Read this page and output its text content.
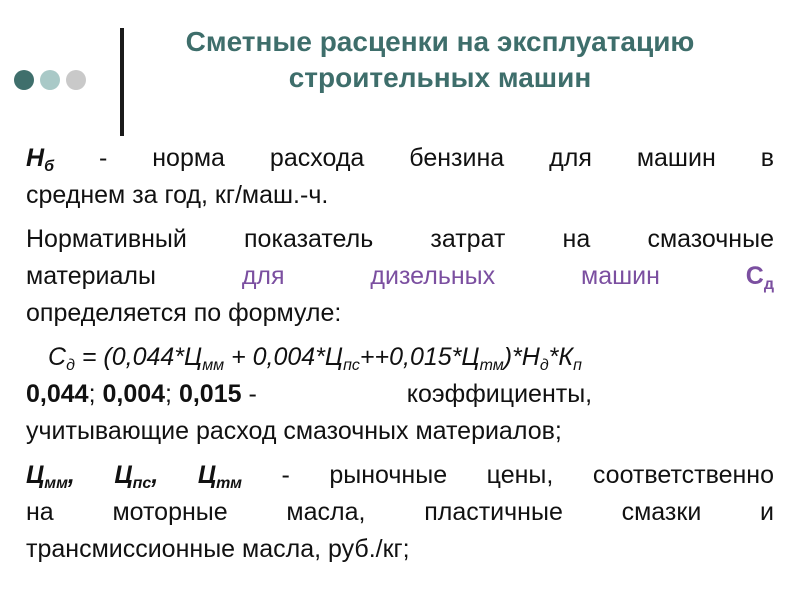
Сметные расценки на эксплуатацию строительных машин

$Н_б$ - норма расхода бензина для машин в

среднем за год, кг/маш.-ч.

Нормативный показатель затрат на смазочные

материалы	для	дизельных	машин	$С_д$

определяется по формуле:

$С_д = (0,044*Ц_{мм} + 0,004*Ц_{пс}++0,015*Ц_{тм})*Н_д*К_п$

0,044; 0,004; 0,015 -	коэффициенты,

учитывающие расход смазочных материалов;

$Ц_{мм}$, $Ц_{пс}$, $Ц_{тм}$ - рыночные цены, соответственно

на моторные масла, пластичные смазки и

трансмиссионные масла, руб./кг;
